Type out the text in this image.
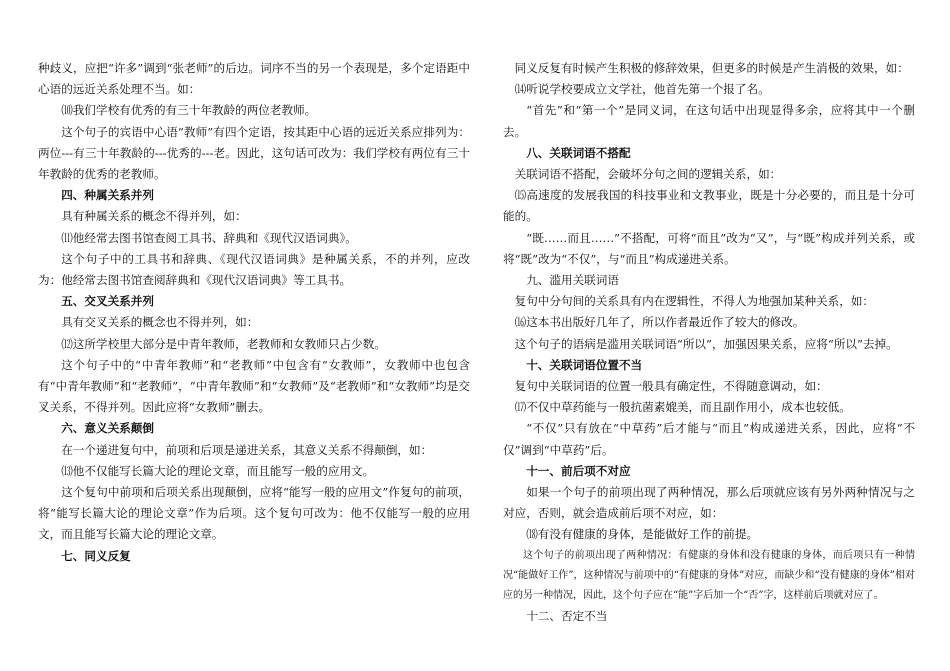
种歧义，应把“许多”调到“张老师”的后边。词序不当的另一个表现是，多个定语距中心语的远近关系处理不当。如：

⑽我们学校有优秀的有三十年教龄的两位老教师。

这个句子的宾语中心语“教师”有四个定语，按其距中心语的远近关系应排列为：两位---有三十年教龄的---优秀的---老。因此，这句话可改为：我们学校有两位有三十年教龄的优秀的老教师。

四、种属关系并列

具有种属关系的概念不得并列，如：

⑾他经常去图书馆查阅工具书、辞典和《现代汉语词典》。

这个句子中的工具书和辞典、《现代汉语词典》是种属关系，不的并列，应改为：他经常去图书馆查阅辞典和《现代汉语词典》等工具书。

五、交叉关系并列

具有交叉关系的概念也不得并列，如：

⑿这所学校里大部分是中青年教师，老教师和女教师只占少数。

这个句子中的“中青年教师”和“老教师”中包含有“女教师”，女教师中也包含有“中青年教师”和“老教师”，“中青年教师”和“女教师”及“老教师”和“女教师”均是交叉关系，不得并列。因此应将“女教师”删去。

六、意义关系颠倒

在一个递进复句中，前项和后项是递进关系，其意义关系不得颠倒，如：

⒀他不仅能写长篇大论的理论文章，而且能写一般的应用文。

这个复句中前项和后项关系出现颠倒，应将“能写一般的应用文”作复句的前项，将“能写长篇大论的理论文章”作为后项。这个复句可改为：他不仅能写一般的应用文，而且能写长篇大论的理论文章。

七、同义反复

同义反复有时候产生积极的修辞效果，但更多的时候是产生消极的效果，如：

⒁听说学校要成立文学社，他首先第一个报了名。

“首先”和“第一个”是同义词，在这句话中出现显得多余，应将其中一个删去。

八、关联词语不搭配

关联词语不搭配，会破坏分句之间的逻辑关系，如：

⒂高速度的发展我国的科技事业和文教事业，既是十分必要的，而且是十分可能的。

“既……而且……”不搭配，可将“而且”改为“又”，与“既”构成并列关系，或将“既”改为“不仅”，与“而且”构成递进关系。

九、滥用关联词语

复句中分句间的关系具有内在逻辑性，不得人为地强加某种关系，如：

⒃这本书出版好几年了，所以作者最近作了较大的修改。

这个句子的语病是滥用关联词语“所以”，加强因果关系，应将“所以”去掉。

十、关联词语位置不当

复句中关联词语的位置一般具有确定性，不得随意调动，如：

⒄不仅中草药能与一般抗菌素媲美，而且副作用小，成本也较低。

“不仅”只有放在“中草药”后才能与“而且”构成递进关系，因此，应将“不仅”调到“中草药”后。

十一、前后项不对应

如果一个句子的前项出现了两种情况，那么后项就应该有另外两种情况与之对应，否则，就会造成前后项不对应，如：

⒅有没有健康的身体，是能做好工作的前提。

这个句子的前项出现了两种情况：有健康的身体和没有健康的身体，而后项只有一种情况“能做好工作”，这种情况与前项中的“有健康的身体”对应，而缺少和“没有健康的身体”相对应的另一种情况，因此，这个句子应在“能”字后加一个“否”字，这样前后项就对应了。

十二、否定不当
